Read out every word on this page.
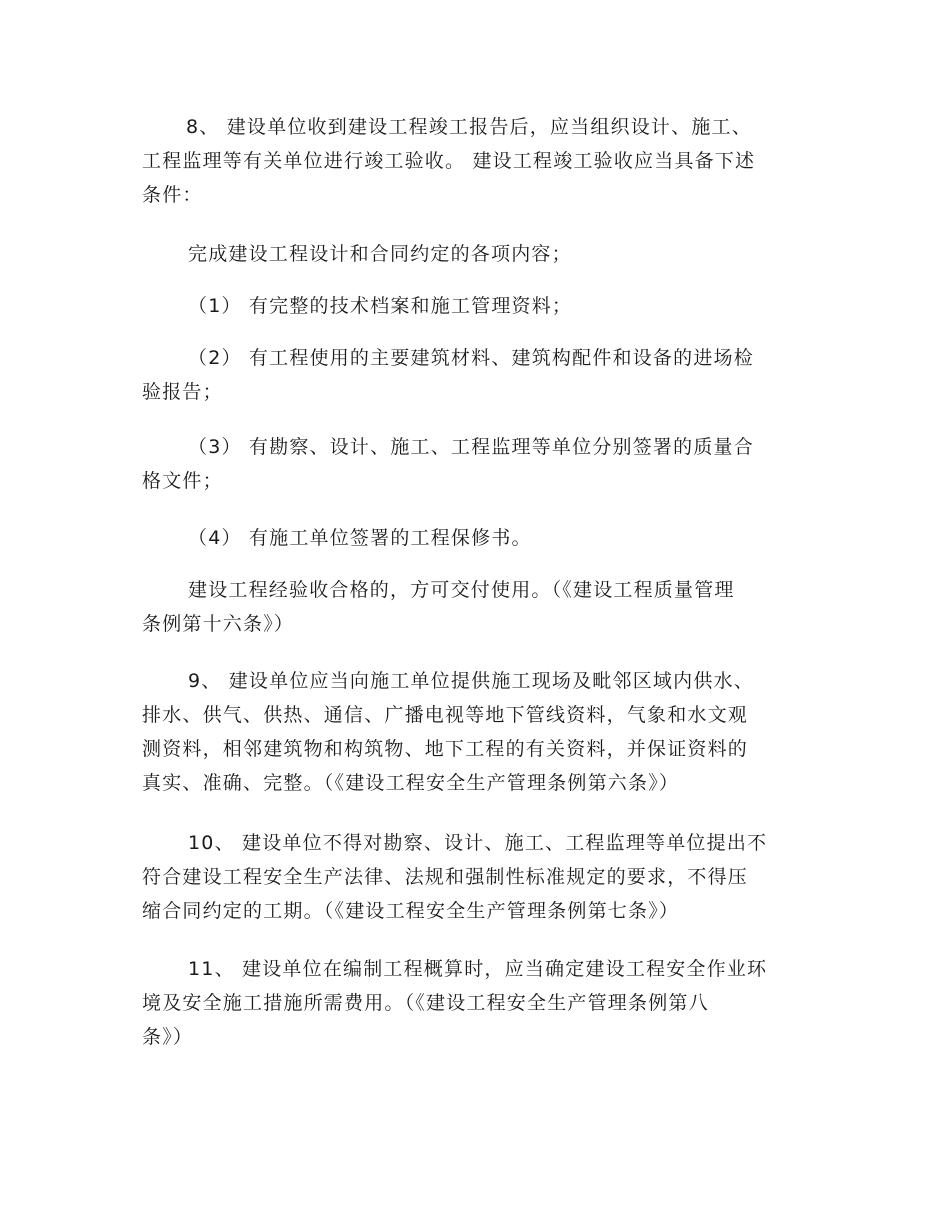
8、 建设单位收到建设工程竣工报告后，应当组织设计、施工、
工程监理等有关单位进行竣工验收。 建设工程竣工验收应当具备下述
条件：

完成建设工程设计和合同约定的各项内容；

（1） 有完整的技术档案和施工管理资料；

（2） 有工程使用的主要建筑材料、建筑构配件和设备的进场检
验报告；

（3） 有勘察、设计、施工、工程监理等单位分别签署的质量合
格文件；

（4） 有施工单位签署的工程保修书。

建设工程经验收合格的，方可交付使用。（《建设工程质量管理
条例第十六条》）

9、 建设单位应当向施工单位提供施工现场及毗邻区域内供水、
排水、供气、供热、通信、广播电视等地下管线资料，气象和水文观
测资料，相邻建筑物和构筑物、地下工程的有关资料，并保证资料的
真实、准确、完整。（《建设工程安全生产管理条例第六条》）

10、 建设单位不得对勘察、设计、施工、工程监理等单位提出不
符合建设工程安全生产法律、法规和强制性标准规定的要求，不得压
缩合同约定的工期。（《建设工程安全生产管理条例第七条》）

11、 建设单位在编制工程概算时，应当确定建设工程安全作业环
境及安全施工措施所需费用。（《建设工程安全生产管理条例第八
条》）
